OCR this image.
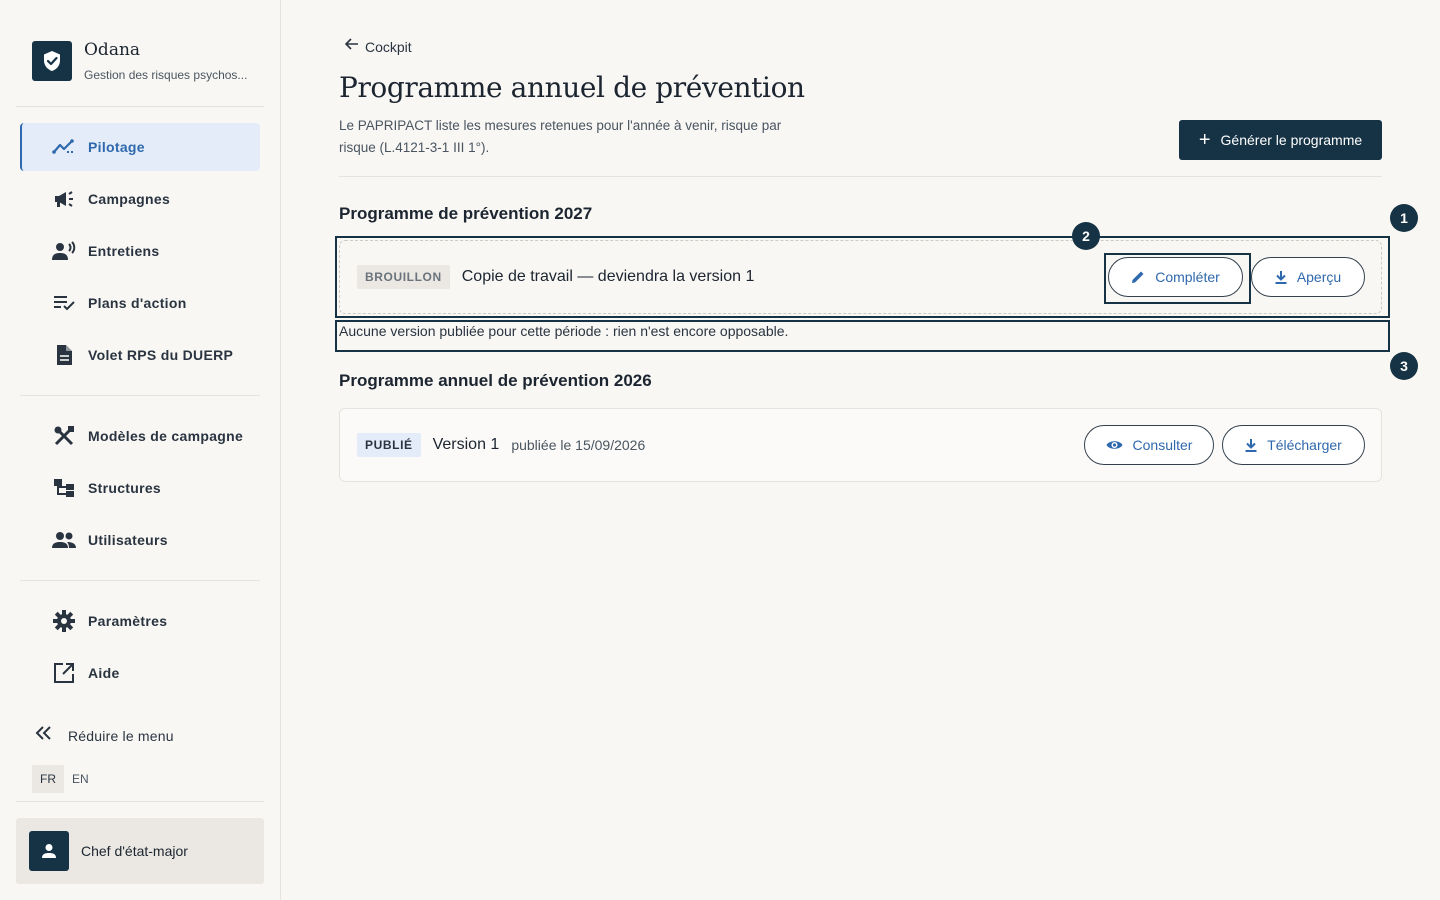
Odana
Gestion des risques psychos...
Pilotage
Campagnes
Entretiens
Plans d'action
Volet RPS du DUERP
Modèles de campagne
Structures
Utilisateurs
Paramètres
Aide
Réduire le menu
FR	EN
Chef d'état-major
Cockpit
Programme annuel de prévention

Le PAPRIPACT liste les mesures retenues pour l'année à venir, risque par risque (L.4121-3-1 III 1°).	+ Générer le programme
Programme de prévention 2027
BROUILLON	Copie de travail — deviendra la version 1	Compléter	Aperçu

Aucune version publiée pour cette période : rien n'est encore opposable.

Programme annuel de prévention 2026
PUBLIÉ	Version 1 publiée le 15/09/2026	Consulter	Télécharger
1
2
3
